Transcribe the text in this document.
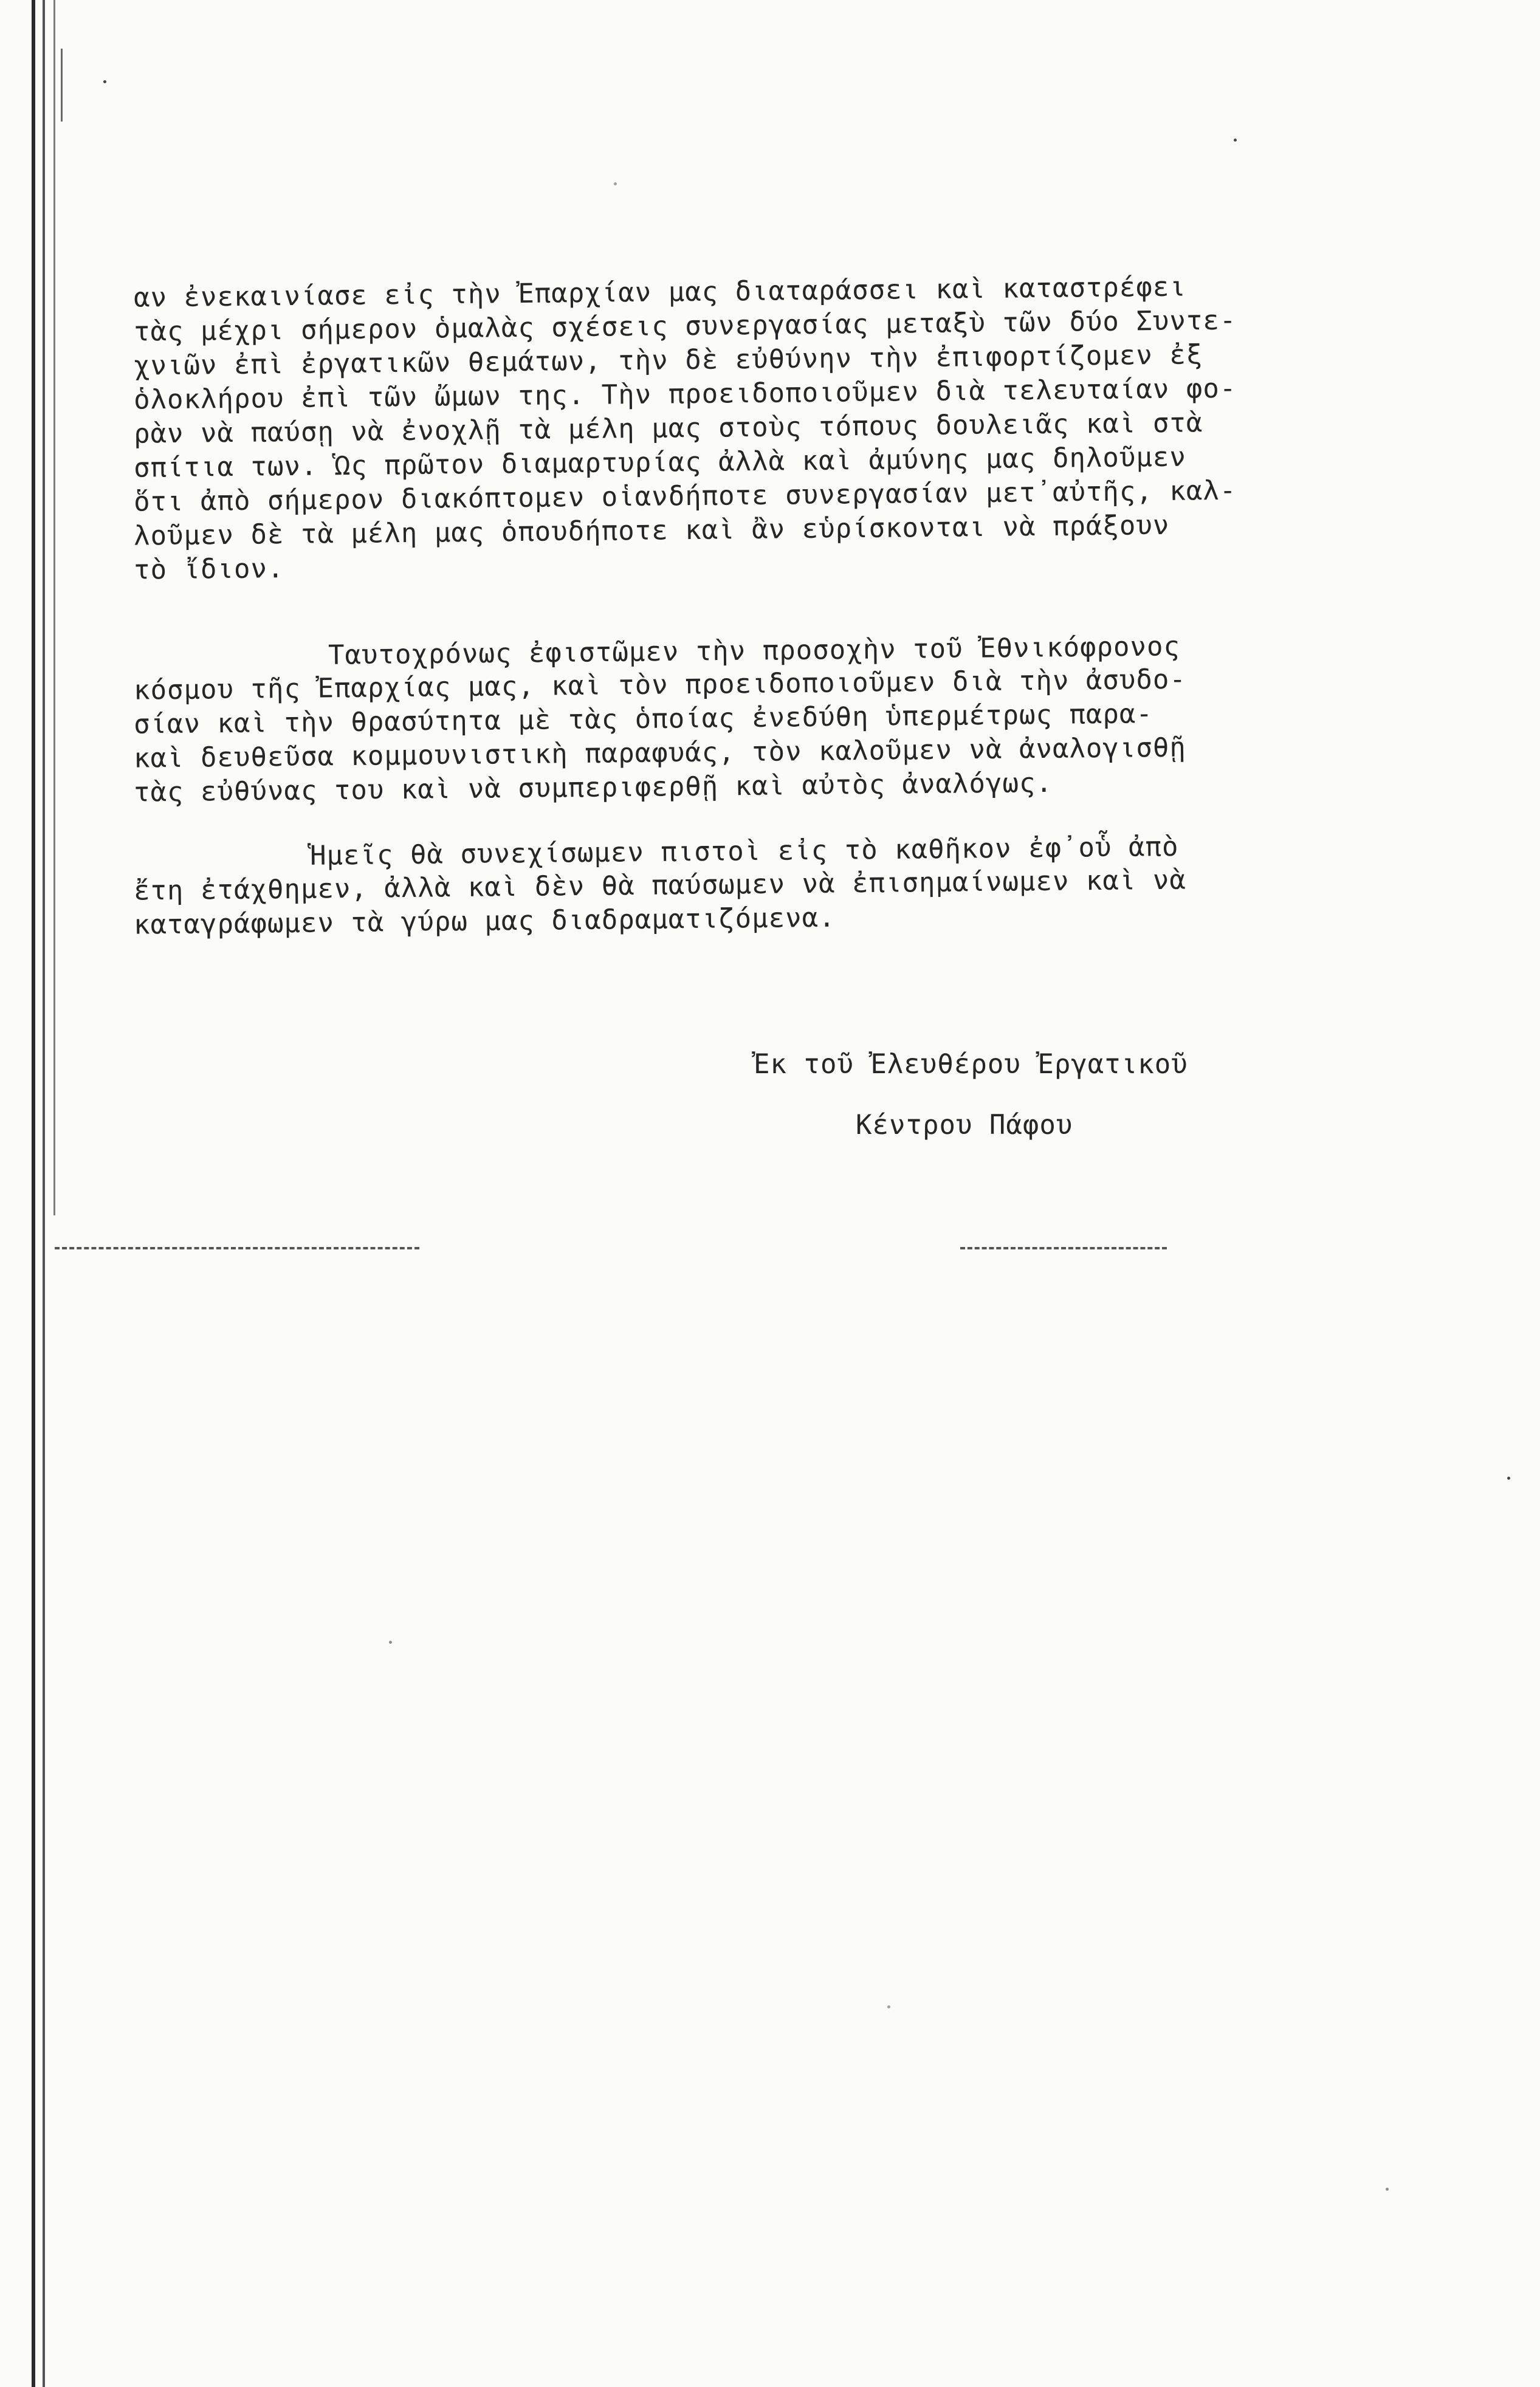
αν ἐνεκαινίασε εἰς τὴν Ἐπαρχίαν μας διαταράσσει καὶ καταστρέφει
τὰς μέχρι σήμερον ὁμαλὰς σχέσεις συνεργασίας μεταξὺ τῶν δύο Συντε-
χνιῶν ἐπὶ ἐργατικῶν θεμάτων, τὴν δὲ εὐθύνην τὴν ἐπιφορτίζομεν ἐξ
ὁλοκλήρου ἐπὶ τῶν ὤμων της. Τὴν προειδοποιοῦμεν διὰ τελευταίαν φο-
ρὰν νὰ παύσῃ νὰ ἐνοχλῇ τὰ μέλη μας στοὺς τόπους δουλειᾶς καὶ στὰ
σπίτια των. Ὡς πρῶτον διαμαρτυρίας ἀλλὰ καὶ ἀμύνης μας δηλοῦμεν
ὅτι ἀπὸ σήμερον διακόπτομεν οἱανδήποτε συνεργασίαν μετ᾽αὐτῆς, καλ-
λοῦμεν δὲ τὰ μέλη μας ὁπουδήποτε καὶ ἂν εὑρίσκονται νὰ πράξουν
τὸ ἴδιον.
Ταυτοχρόνως ἐφιστῶμεν τὴν προσοχὴν τοῦ Ἐθνικόφρονος
κόσμου τῆς Ἐπαρχίας μας, καὶ τὸν προειδοποιοῦμεν διὰ τὴν ἀσυδο-
σίαν καὶ τὴν θρασύτητα μὲ τὰς ὁποίας ἐνεδύθη ὑπερμέτρως παρα-
καὶ δευθεῦσα κομμουνιστικὴ παραφυάς, τὸν καλοῦμεν νὰ ἀναλογισθῇ
τὰς εὐθύνας του καὶ νὰ συμπεριφερθῇ καὶ αὐτὸς ἀναλόγως.
Ἡμεῖς θὰ συνεχίσωμεν πιστοὶ εἰς τὸ καθῆκον ἐφ᾽οὗ ἀπὸ
ἔτη ἐτάχθημεν, ἀλλὰ καὶ δὲν θὰ παύσωμεν νὰ ἐπισημαίνωμεν καὶ νὰ
καταγράφωμεν τὰ γύρω μας διαδραματιζόμενα.
Ἐκ τοῦ Ἐλευθέρου Ἐργατικοῦ
Κέντρου Πάφου
